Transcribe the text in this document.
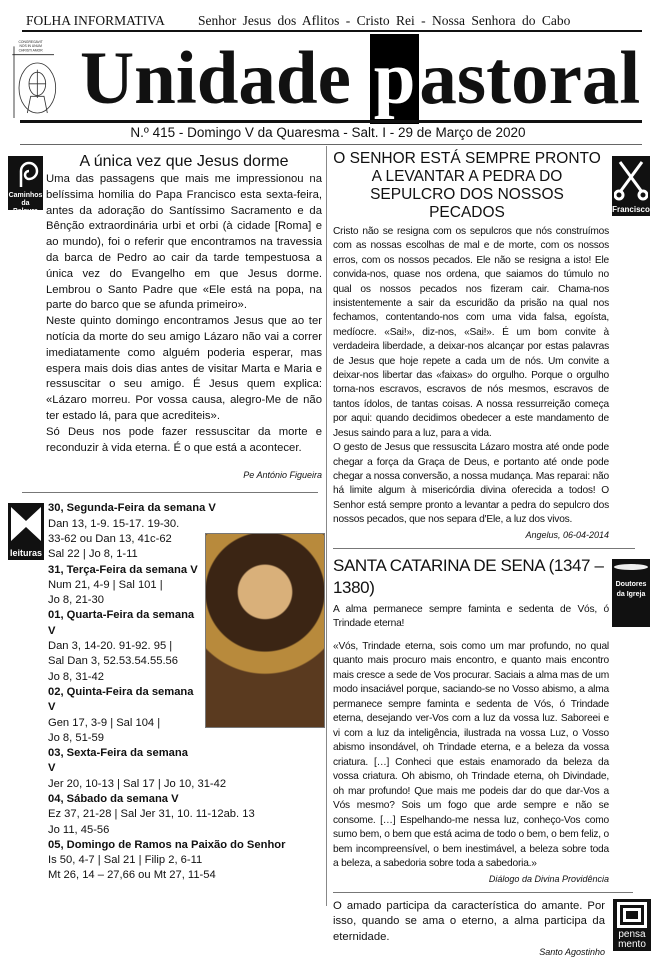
FOLHA INFORMATIVA Senhor Jesus dos Aflitos - Cristo Rei - Nossa Senhora do Cabo
CONGREGAVIT
NOS IN UNUM
CHRISTI AMOR Unidade pastoral
N.º 415 - Domingo V da Quaresma - Salt. I - 29 de Março de 2020
Caminhos da Palavra
A única vez que Jesus dorme

Uma das passagens que mais me impressionou na belíssima homilia do Papa Francisco esta sexta-feira, antes da adoração do Santíssimo Sacramento e da Bênção extraordinária urbi et orbi (à cidade [Roma] e ao mundo), foi o referir que encontramos na travessia da barca de Pedro ao cair da tarde tempestuosa a única vez do Evangelho em que Jesus dorme. Lembrou o Santo Padre que «Ele está na popa, na parte do barco que se afunda primeiro».

Neste quinto domingo encontramos Jesus que ao ter notícia da morte do seu amigo Lázaro não vai a correr imediatamente como alguém poderia esperar, mas espera mais dois dias antes de visitar Marta e Maria e ressuscitar o seu amigo. É Jesus quem explica: «Lázaro morreu. Por vossa causa, alegro-Me de não ter estado lá, para que acrediteis».

Só Deus nos pode fazer ressuscitar da morte e reconduzir à vida eterna. É o que está a acontecer.

Pe António Figueira
leituras
30, Segunda-Feira da semana V
Dan 13, 1-9. 15-17. 19-30. 33-62 ou Dan 13, 41c-62
Sal 22 | Jo 8, 1-11
31, Terça-Feira da semana V
Num 21, 4-9 | Sal 101 |
Jo 8, 21-30
01, Quarta-Feira da semana V
Dan 3, 14-20. 91-92. 95 |
Sal Dan 3, 52.53.54.55.56
Jo 8, 31-42
02, Quinta-Feira da semana V
Gen 17, 3-9 | Sal 104 |
Jo 8, 51-59
03, Sexta-Feira da semana V
Jer 20, 10-13 | Sal 17 | Jo 10, 31-42
04, Sábado da semana V
Ez 37, 21-28 | Sal Jer 31, 10. 11-12ab. 13
Jo 11, 45-56
05, Domingo de Ramos na Paixão do Senhor
Is 50, 4-7 | Sal 21 | Filip 2, 6-11
Mt 26, 14 – 27,66 ou Mt 27, 11-54
Francisco
O SENHOR ESTÁ SEMPRE PRONTO A LEVANTAR A PEDRA DO SEPULCRO DOS NOSSOS PECADOS

Cristo não se resigna com os sepulcros que nós construímos com as nossas escolhas de mal e de morte, com os nossos erros, com os nossos pecados. Ele não se resigna a isto! Ele convida-nos, quase nos ordena, que saiamos do túmulo no qual os nossos pecados nos fizeram cair. Chama-nos insistentemente a sair da escuridão da prisão na qual nos fechamos, contentando-nos com uma vida falsa, egoísta, medíocre. «Sai!», diz-nos, «Sai!». É um bom convite à verdadeira liberdade, a deixar-nos alcançar por estas palavras de Jesus que hoje repete a cada um de nós. Um convite a deixar-nos libertar das «faixas» do orgulho. Porque o orgulho torna-nos escravos, escravos de nós mesmos, escravos de tantos ídolos, de tantas coisas. A nossa ressurreição começa por aqui: quando decidimos obedecer a este mandamento de Jesus saindo para a luz, para a vida.

O gesto de Jesus que ressuscita Lázaro mostra até onde pode chegar a força da Graça de Deus, e portanto até onde pode chegar a nossa conversão, a nossa mudança. Mas reparai: não há limite algum à misericórdia divina oferecida a todos! O Senhor está sempre pronto a levantar a pedra do sepulcro dos nossos pecados, que nos separa d'Ele, a luz dos vivos.

Angelus, 06-04-2014
Doutores da Igreja
SANTA CATARINA DE SENA (1347 – 1380)
A alma permanece sempre faminta e sedenta de Vós, ó Trindade eterna!
«Vós, Trindade eterna, sois como um mar profundo, no qual quanto mais procuro mais encontro, e quanto mais encontro mais cresce a sede de Vos procurar. Saciais a alma mas de um modo insaciável porque, saciando-se no Vosso abismo, a alma permanece sempre faminta e sedenta de Vós, ó Trindade eterna, desejando ver-Vos com a luz da vossa luz. Saboreei e vi com a luz da inteligência, ilustrada na vossa Luz, o Vosso abismo insondável, oh Trindade eterna, e a beleza da vossa criatura. […] Conheci que estais enamorado da beleza da vossa criatura. Oh abismo, oh Trindade eterna, oh Divindade, oh mar profundo! Que mais me podeis dar do que dar-Vos a Vós mesmo? Sois um fogo que arde sempre e não se consome. […] Espelhando-me nessa luz, conheço-Vos como sumo bem, o bem que está acima de todo o bem, o bem feliz, o bem incompreensível, o bem inestimável, a beleza sobre toda a beleza, a sabedoria sobre toda a sabedoria.»
Diálogo da Divina Providência
pensa
mento
O amado participa da característica do amante. Por isso, quando se ama o eterno, a alma participa da eternidade.
Santo Agostinho
